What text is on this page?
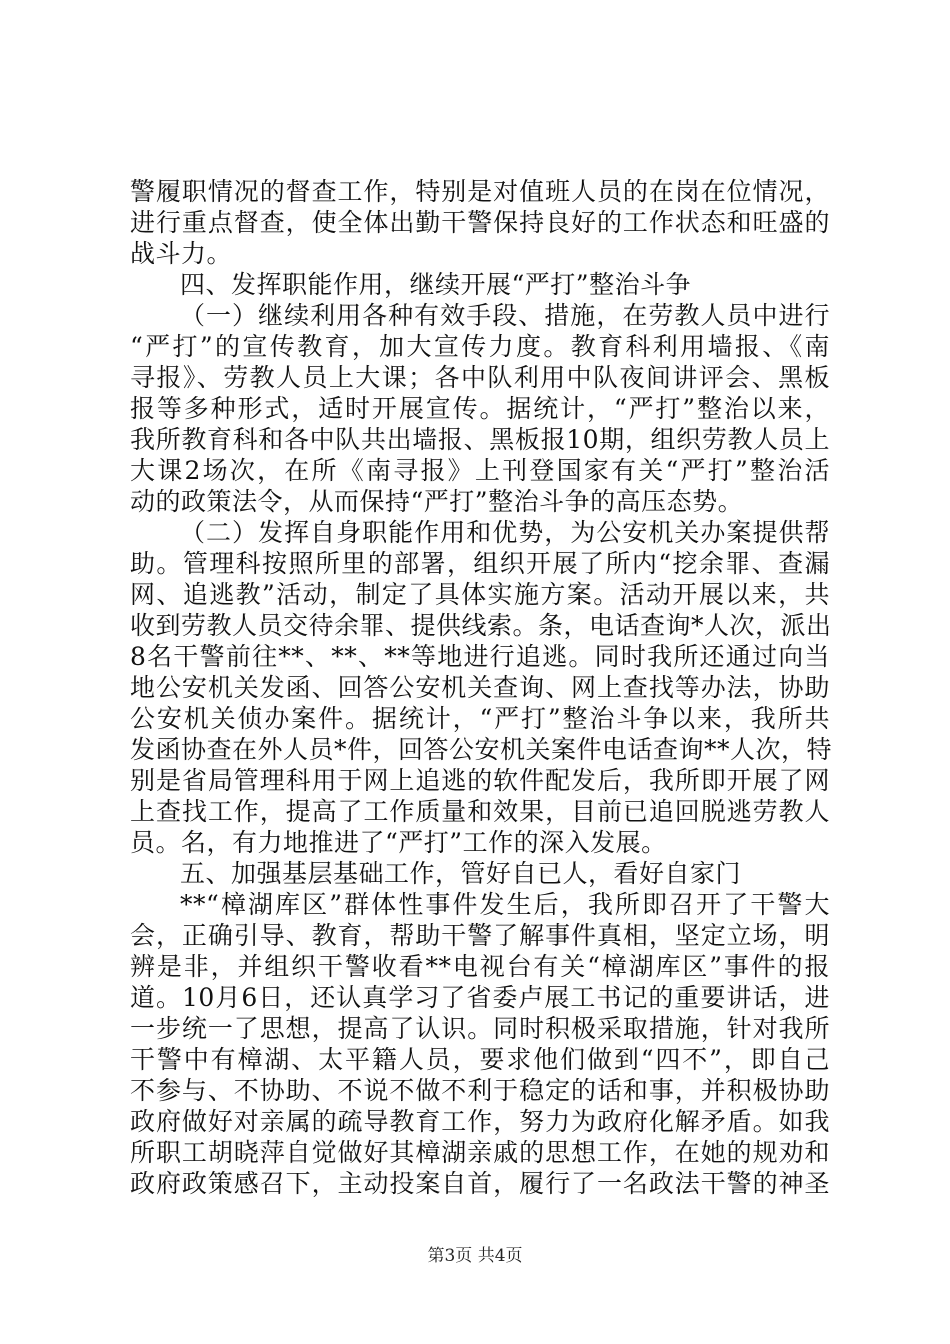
警履职情况的督查工作，特别是对值班人员的在岗在位情况，
进行重点督查，使全体出勤干警保持良好的工作状态和旺盛的
战斗力。
四、发挥职能作用，继续开展“严打”整治斗争
（一）继续利用各种有效手段、措施，在劳教人员中进行
“严打”的宣传教育，加大宣传力度。教育科利用墙报、《南
寻报》、劳教人员上大课；各中队利用中队夜间讲评会、黑板
报等多种形式，适时开展宣传。据统计，“严打”整治以来，
我所教育科和各中队共出墙报、黑板报10期，组织劳教人员上
大课2场次，在所《南寻报》上刊登国家有关“严打”整治活
动的政策法令，从而保持“严打”整治斗争的高压态势。
（二）发挥自身职能作用和优势，为公安机关办案提供帮
助。管理科按照所里的部署，组织开展了所内“挖余罪、查漏
网、追逃教”活动，制定了具体实施方案。活动开展以来，共
收到劳教人员交待余罪、提供线索。条，电话查询*人次，派出
8名干警前往**、**、**等地进行追逃。同时我所还通过向当
地公安机关发函、回答公安机关查询、网上查找等办法，协助
公安机关侦办案件。据统计，“严打”整治斗争以来，我所共
发函协查在外人员*件，回答公安机关案件电话查询**人次，特
别是省局管理科用于网上追逃的软件配发后，我所即开展了网
上查找工作，提高了工作质量和效果，目前已追回脱逃劳教人
员。名，有力地推进了“严打”工作的深入发展。
五、加强基层基础工作，管好自已人，看好自家门
**“樟湖库区”群体性事件发生后，我所即召开了干警大
会，正确引导、教育，帮助干警了解事件真相，坚定立场，明
辨是非，并组织干警收看**电视台有关“樟湖库区”事件的报
道。10月6日，还认真学习了省委卢展工书记的重要讲话，进
一步统一了思想，提高了认识。同时积极采取措施，针对我所
干警中有樟湖、太平籍人员，要求他们做到“四不”，即自己
不参与、不协助、不说不做不利于稳定的话和事，并积极协助
政府做好对亲属的疏导教育工作，努力为政府化解矛盾。如我
所职工胡晓萍自觉做好其樟湖亲戚的思想工作，在她的规劝和
政府政策感召下，主动投案自首，履行了一名政法干警的神圣
第3页 共4页
